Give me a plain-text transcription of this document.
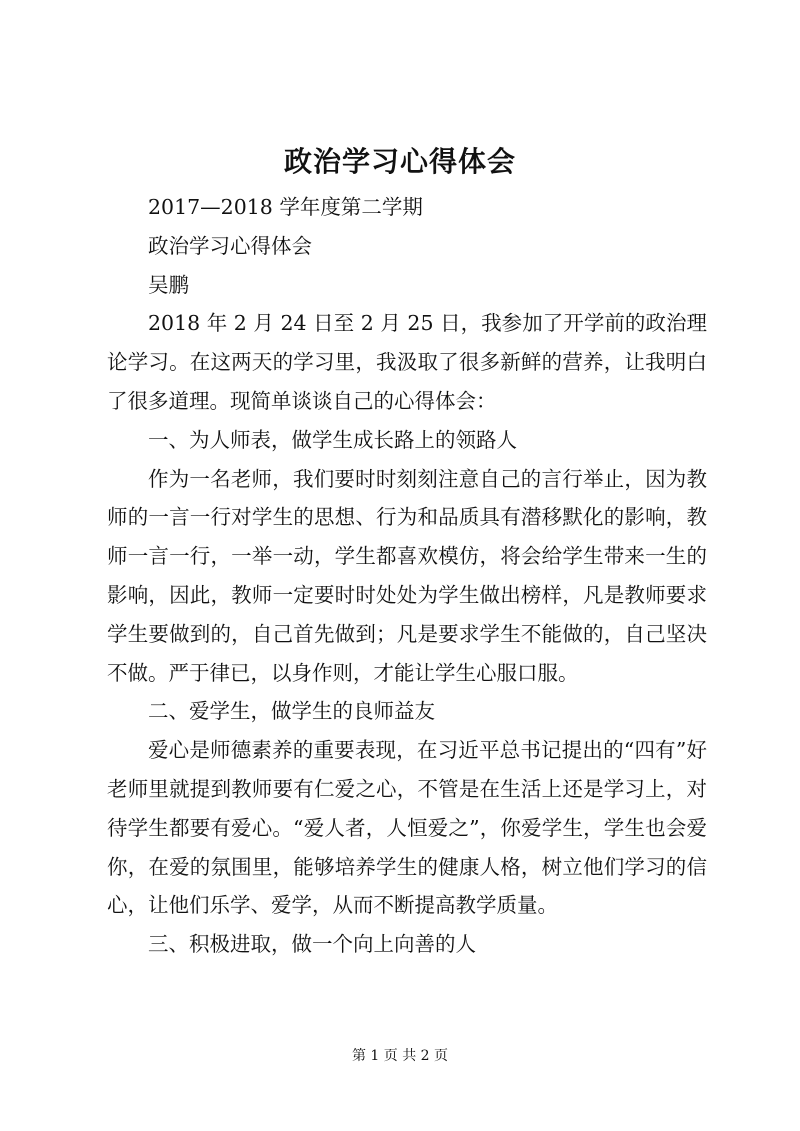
政治学习心得体会

2017—2018 学年度第二学期

政治学习心得体会

吴鹏

2018 年 2 月 24 日至 2 月 25 日，我参加了开学前的政治理论学习。在这两天的学习里，我汲取了很多新鲜的营养，让我明白了很多道理。现简单谈谈自己的心得体会：

一、为人师表，做学生成长路上的领路人

作为一名老师，我们要时时刻刻注意自己的言行举止，因为教师的一言一行对学生的思想、行为和品质具有潜移默化的影响，教师一言一行，一举一动，学生都喜欢模仿，将会给学生带来一生的影响，因此，教师一定要时时处处为学生做出榜样，凡是教师要求学生要做到的，自己首先做到；凡是要求学生不能做的，自己坚决不做。严于律已，以身作则，才能让学生心服口服。

二、爱学生，做学生的良师益友

爱心是师德素养的重要表现，在习近平总书记提出的“四有”好老师里就提到教师要有仁爱之心，不管是在生活上还是学习上，对待学生都要有爱心。“爱人者，人恒爱之”，你爱学生，学生也会爱你，在爱的氛围里，能够培养学生的健康人格，树立他们学习的信心，让他们乐学、爱学，从而不断提高教学质量。

三、积极进取，做一个向上向善的人

第 1 页 共 2 页
